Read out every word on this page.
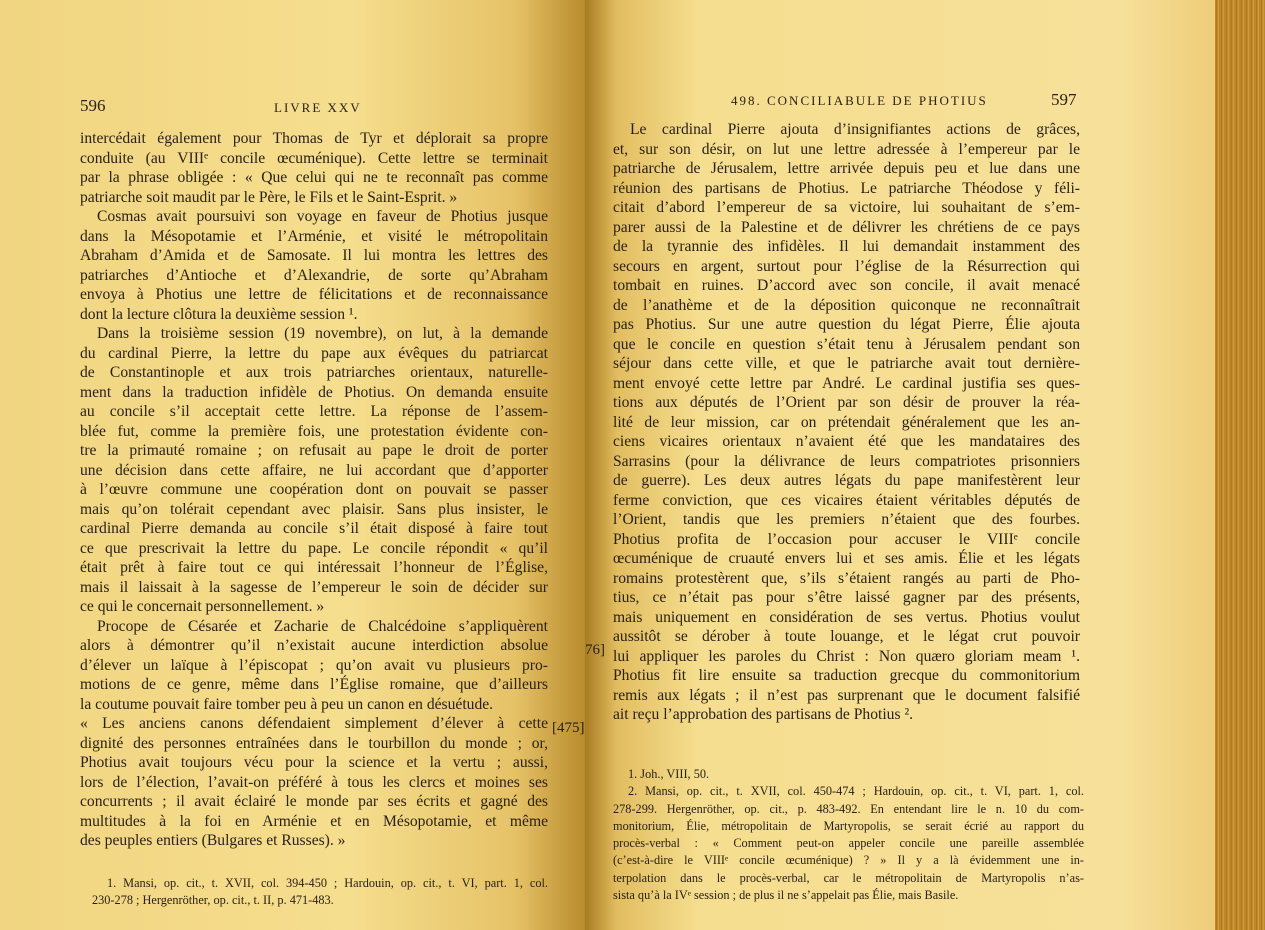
596	LIVRE XXV
intercédait également pour Thomas de Tyr et déplorait sa propre
conduite (au VIIIᵉ concile œcuménique). Cette lettre se terminait
par la phrase obligée : « Que celui qui ne te reconnaît pas comme
patriarche soit maudit par le Père, le Fils et le Saint-Esprit. »
Cosmas avait poursuivi son voyage en faveur de Photius jusque
dans la Mésopotamie et l’Arménie, et visité le métropolitain
Abraham d’Amida et de Samosate. Il lui montra les lettres des
patriarches d’Antioche et d’Alexandrie, de sorte qu’Abraham
envoya à Photius une lettre de félicitations et de reconnaissance
dont la lecture clôtura la deuxième session ¹.
Dans la troisième session (19 novembre), on lut, à la demande
du cardinal Pierre, la lettre du pape aux évêques du patriarcat
de Constantinople et aux trois patriarches orientaux, naturelle-
ment dans la traduction infidèle de Photius. On demanda ensuite
au concile s’il acceptait cette lettre. La réponse de l’assem-
blée fut, comme la première fois, une protestation évidente con-
tre la primauté romaine ; on refusait au pape le droit de porter
une décision dans cette affaire, ne lui accordant que d’apporter
à l’œuvre commune une coopération dont on pouvait se passer
mais qu’on tolérait cependant avec plaisir. Sans plus insister, le
cardinal Pierre demanda au concile s’il était disposé à faire tout
ce que prescrivait la lettre du pape. Le concile répondit « qu’il
était prêt à faire tout ce qui intéressait l’honneur de l’Église,
mais il laissait à la sagesse de l’empereur le soin de décider sur
ce qui le concernait personnellement. »
Procope de Césarée et Zacharie de Chalcédoine s’appliquèrent
alors à démontrer qu’il n’existait aucune interdiction absolue
d’élever un laïque à l’épiscopat ; qu’on avait vu plusieurs pro-
motions de ce genre, même dans l’Église romaine, que d’ailleurs
la coutume pouvait faire tomber peu à peu un canon en désuétude.
« Les anciens canons défendaient simplement d’élever à cette
dignité des personnes entraînées dans le tourbillon du monde ; or,
Photius avait toujours vécu pour la science et la vertu ; aussi,
lors de l’élection, l’avait-on préféré à tous les clercs et moines ses
concurrents ; il avait éclairé le monde par ses écrits et gagné des
multitudes à la foi en Arménie et en Mésopotamie, et même
des peuples entiers (Bulgares et Russes). »
1. Mansi, op. cit., t. XVII, col. 394-450 ; Hardouin, op. cit., t. VI, part. 1, col.
230-278 ; Hergenröther, op. cit., t. II, p. 471-483.
[475]
498. CONCILIABULE DE PHOTIUS	597
76]
Le cardinal Pierre ajouta d’insignifiantes actions de grâces,
et, sur son désir, on lut une lettre adressée à l’empereur par le
patriarche de Jérusalem, lettre arrivée depuis peu et lue dans une
réunion des partisans de Photius. Le patriarche Théodose y féli-
citait d’abord l’empereur de sa victoire, lui souhaitant de s’em-
parer aussi de la Palestine et de délivrer les chrétiens de ce pays
de la tyrannie des infidèles. Il lui demandait instamment des
secours en argent, surtout pour l’église de la Résurrection qui
tombait en ruines. D’accord avec son concile, il avait menacé
de l’anathème et de la déposition quiconque ne reconnaîtrait
pas Photius. Sur une autre question du légat Pierre, Élie ajouta
que le concile en question s’était tenu à Jérusalem pendant son
séjour dans cette ville, et que le patriarche avait tout dernière-
ment envoyé cette lettre par André. Le cardinal justifia ses ques-
tions aux députés de l’Orient par son désir de prouver la réa-
lité de leur mission, car on prétendait généralement que les an-
ciens vicaires orientaux n’avaient été que les mandataires des
Sarrasins (pour la délivrance de leurs compatriotes prisonniers
de guerre). Les deux autres légats du pape manifestèrent leur
ferme conviction, que ces vicaires étaient véritables députés de
l’Orient, tandis que les premiers n’étaient que des fourbes.
Photius profita de l’occasion pour accuser le VIIIᵉ concile
œcuménique de cruauté envers lui et ses amis. Élie et les légats
romains protestèrent que, s’ils s’étaient rangés au parti de Pho-
tius, ce n’était pas pour s’être laissé gagner par des présents,
mais uniquement en considération de ses vertus. Photius voulut
aussitôt se dérober à toute louange, et le légat crut pouvoir
lui appliquer les paroles du Christ : Non quæro gloriam meam ¹.
Photius fit lire ensuite sa traduction grecque du commonitorium
remis aux légats ; il n’est pas surprenant que le document falsifié
ait reçu l’approbation des partisans de Photius ².
1. Joh., VIII, 50.
2. Mansi, op. cit., t. XVII, col. 450-474 ; Hardouin, op. cit., t. VI, part. 1, col.
278-299. Hergenröther, op. cit., p. 483-492. En entendant lire le n. 10 du com-
monitorium, Élie, métropolitain de Martyropolis, se serait écrié au rapport du
procès-verbal : « Comment peut-on appeler concile une pareille assemblée
(c’est-à-dire le VIIIᵉ concile œcuménique) ? » Il y a là évidemment une in-
terpolation dans le procès-verbal, car le métropolitain de Martyropolis n’as-
sista qu’à la IVᵉ session ; de plus il ne s’appelait pas Élie, mais Basile.
